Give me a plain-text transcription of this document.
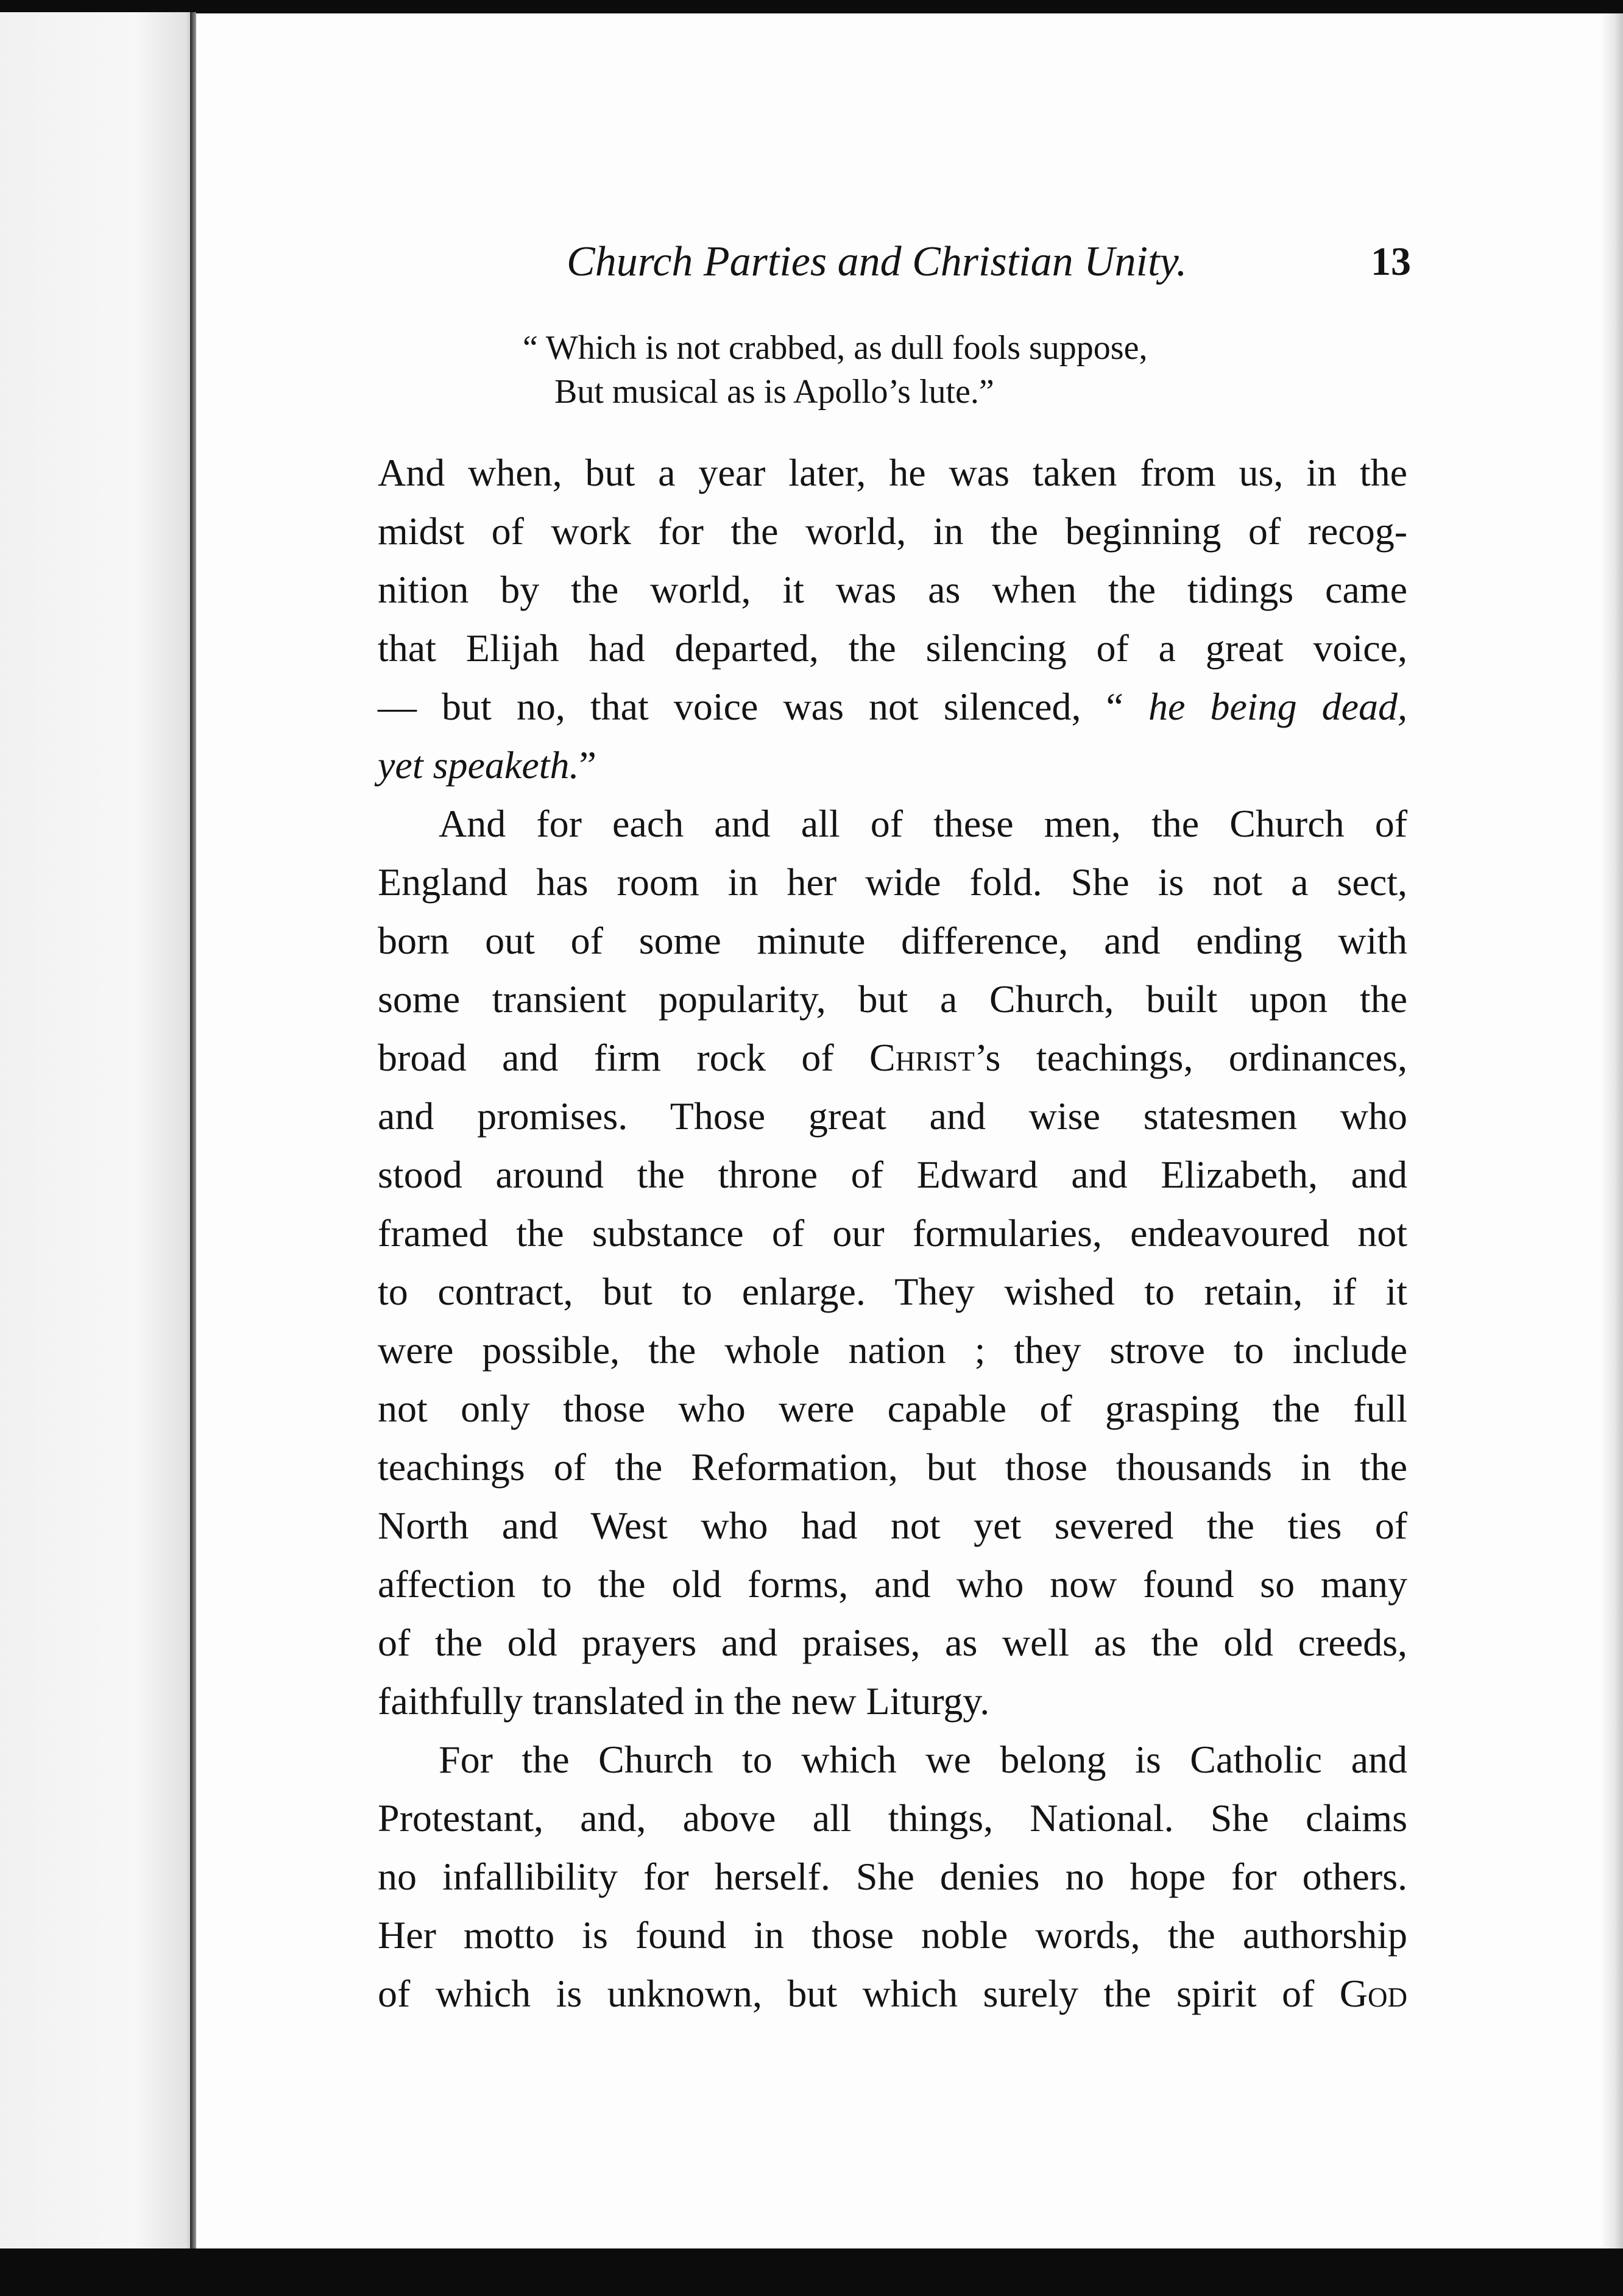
Church Parties and Christian Unity.	13
“ Which is not crabbed, as dull fools suppose,
But musical as is Apollo’s lute.”
And when, but a year later, he was taken from us, in the
midst of work for the world, in the beginning of recog-
nition by the world, it was as when the tidings came
that Elijah had departed, the silencing of a great voice,
— but no, that voice was not silenced, “ he being dead,
yet speaketh.”
And for each and all of these men, the Church of
England has room in her wide fold. She is not a sect,
born out of some minute difference, and ending with
some transient popularity, but a Church, built upon the
broad and firm rock of Christ’s teachings, ordinances,
and promises. Those great and wise statesmen who
stood around the throne of Edward and Elizabeth, and
framed the substance of our formularies, endeavoured not
to contract, but to enlarge. They wished to retain, if it
were possible, the whole nation ; they strove to include
not only those who were capable of grasping the full
teachings of the Reformation, but those thousands in the
North and West who had not yet severed the ties of
affection to the old forms, and who now found so many
of the old prayers and praises, as well as the old creeds,
faithfully translated in the new Liturgy.
For the Church to which we belong is Catholic and
Protestant, and, above all things, National. She claims
no infallibility for herself. She denies no hope for others.
Her motto is found in those noble words, the authorship
of which is unknown, but which surely the spirit of God
